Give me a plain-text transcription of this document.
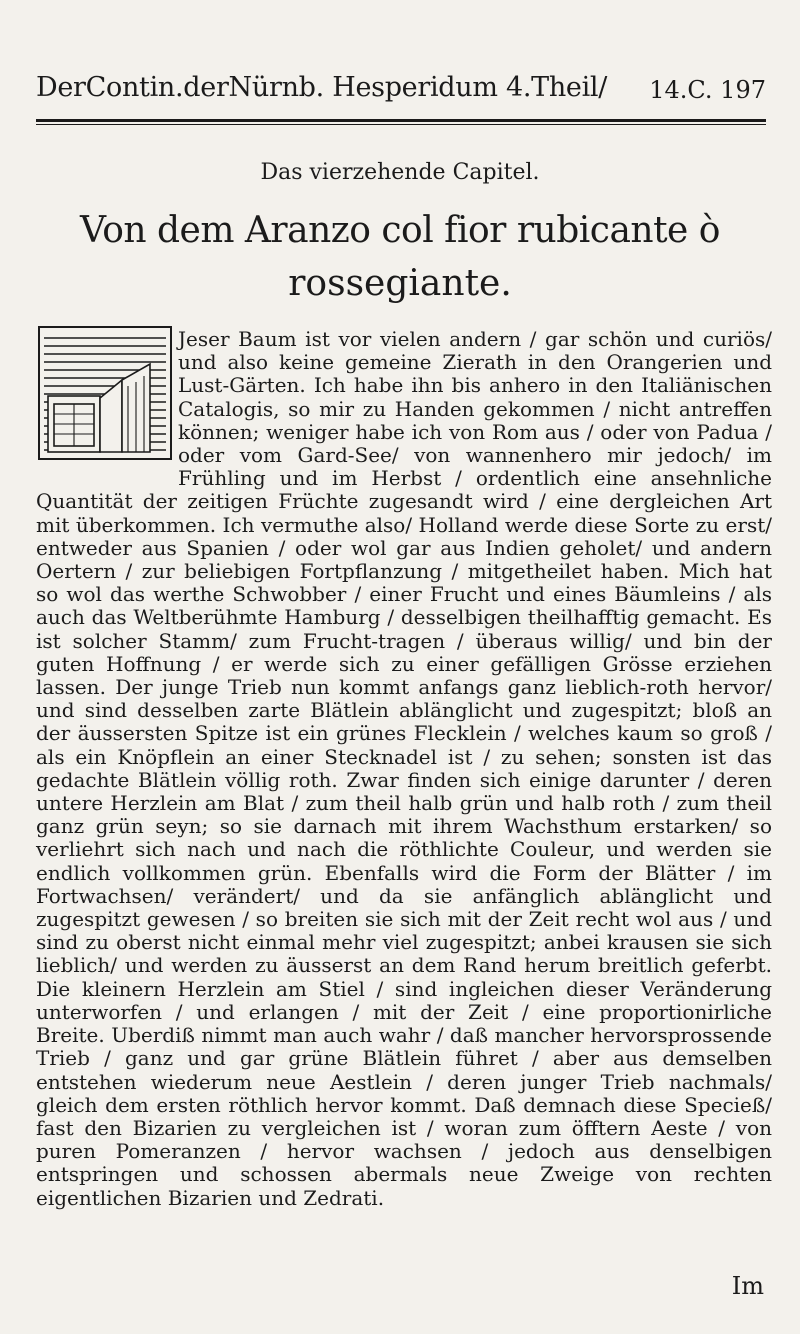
DerContin.derNürnb. Hesperidum 4.Theil/ 14.C. 197
Das vierzehende Capitel.
Von dem Aranzo col fior rubicante ò
rossegiante.
Jeser Baum ist vor vielen andern / gar schön und curiös/ und also keine gemeine Zierath in den Orangerien und Lust-Gärten. Ich habe ihn bis anhero in den Italiänischen Catalogis, so mir zu Handen gekommen / nicht antreffen können; weniger habe ich von Rom aus / oder von Padua / oder vom Gard-See/ von wannenhero mir jedoch/ im Frühling und im Herbst / ordentlich eine ansehnliche Quantität der zeitigen Früchte zugesandt wird / eine dergleichen Art mit überkommen. Ich vermuthe also/ Holland werde diese Sorte zu erst/ entweder aus Spanien / oder wol gar aus Indien geholet/ und andern Oertern / zur beliebigen Fortpflanzung / mitgetheilet haben. Mich hat so wol das werthe Schwobber / einer Frucht und eines Bäumleins / als auch das Weltberühmte Hamburg / desselbigen theilhafftig gemacht. Es ist solcher Stamm/ zum Frucht-tragen / überaus willig/ und bin der guten Hoffnung / er werde sich zu einer gefälligen Grösse erziehen lassen. Der junge Trieb nun kommt anfangs ganz lieblich-roth hervor/ und sind desselben zarte Blätlein ablänglicht und zugespitzt; bloß an der äussersten Spitze ist ein grünes Flecklein / welches kaum so groß / als ein Knöpflein an einer Stecknadel ist / zu sehen; sonsten ist das gedachte Blätlein völlig roth. Zwar finden sich einige darunter / deren untere Herzlein am Blat / zum theil halb grün und halb roth / zum theil ganz grün seyn; so sie darnach mit ihrem Wachsthum erstarken/ so verliehrt sich nach und nach die röthlichte Couleur, und werden sie endlich vollkommen grün. Ebenfalls wird die Form der Blätter / im Fortwachsen/ verändert/ und da sie anfänglich ablänglicht und zugespitzt gewesen / so breiten sie sich mit der Zeit recht wol aus / und sind zu oberst nicht einmal mehr viel zugespitzt; anbei krausen sie sich lieblich/ und werden zu äusserst an dem Rand herum breitlich geferbt. Die kleinern Herzlein am Stiel / sind ingleichen dieser Veränderung unterworfen / und erlangen / mit der Zeit / eine proportionirliche Breite. Uberdiß nimmt man auch wahr / daß mancher hervorsprossende Trieb / ganz und gar grüne Blätlein führet / aber aus demselben entstehen wiederum neue Aestlein / deren junger Trieb nachmals/ gleich dem ersten röthlich hervor kommt. Daß demnach diese Specieß/ fast den Bizarien zu vergleichen ist / woran zum öfftern Aeste / von puren Pomeranzen / hervor wachsen / jedoch aus denselbigen entspringen und schossen abermals neue Zweige von rechten eigentlichen Bizarien und Zedrati.
Im
